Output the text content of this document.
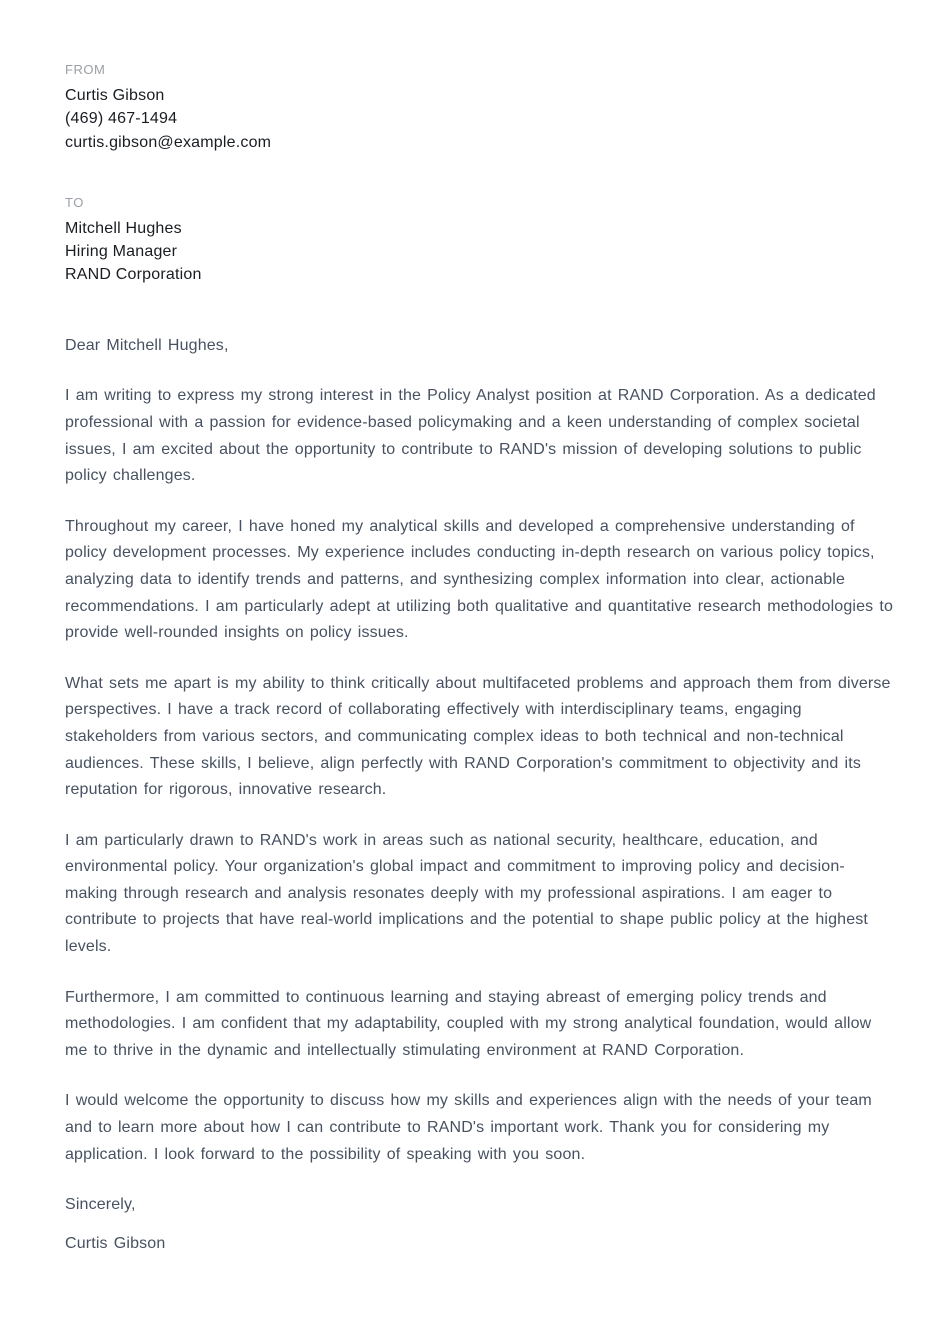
FROM

Curtis Gibson

(469) 467-1494

curtis.gibson@example.com

TO

Mitchell Hughes

Hiring Manager

RAND Corporation

Dear Mitchell Hughes,

I am writing to express my strong interest in the Policy Analyst position at RAND Corporation. As a dedicated professional with a passion for evidence-based policymaking and a keen understanding of complex societal issues, I am excited about the opportunity to contribute to RAND's mission of developing solutions to public policy challenges.

Throughout my career, I have honed my analytical skills and developed a comprehensive understanding of policy development processes. My experience includes conducting in-depth research on various policy topics, analyzing data to identify trends and patterns, and synthesizing complex information into clear, actionable recommendations. I am particularly adept at utilizing both qualitative and quantitative research methodologies to provide well-rounded insights on policy issues.

What sets me apart is my ability to think critically about multifaceted problems and approach them from diverse perspectives. I have a track record of collaborating effectively with interdisciplinary teams, engaging stakeholders from various sectors, and communicating complex ideas to both technical and non-technical audiences. These skills, I believe, align perfectly with RAND Corporation's commitment to objectivity and its reputation for rigorous, innovative research.

I am particularly drawn to RAND's work in areas such as national security, healthcare, education, and environmental policy. Your organization's global impact and commitment to improving policy and decision-making through research and analysis resonates deeply with my professional aspirations. I am eager to contribute to projects that have real-world implications and the potential to shape public policy at the highest levels.

Furthermore, I am committed to continuous learning and staying abreast of emerging policy trends and methodologies. I am confident that my adaptability, coupled with my strong analytical foundation, would allow me to thrive in the dynamic and intellectually stimulating environment at RAND Corporation.

I would welcome the opportunity to discuss how my skills and experiences align with the needs of your team and to learn more about how I can contribute to RAND's important work. Thank you for considering my application. I look forward to the possibility of speaking with you soon.

Sincerely,

Curtis Gibson
